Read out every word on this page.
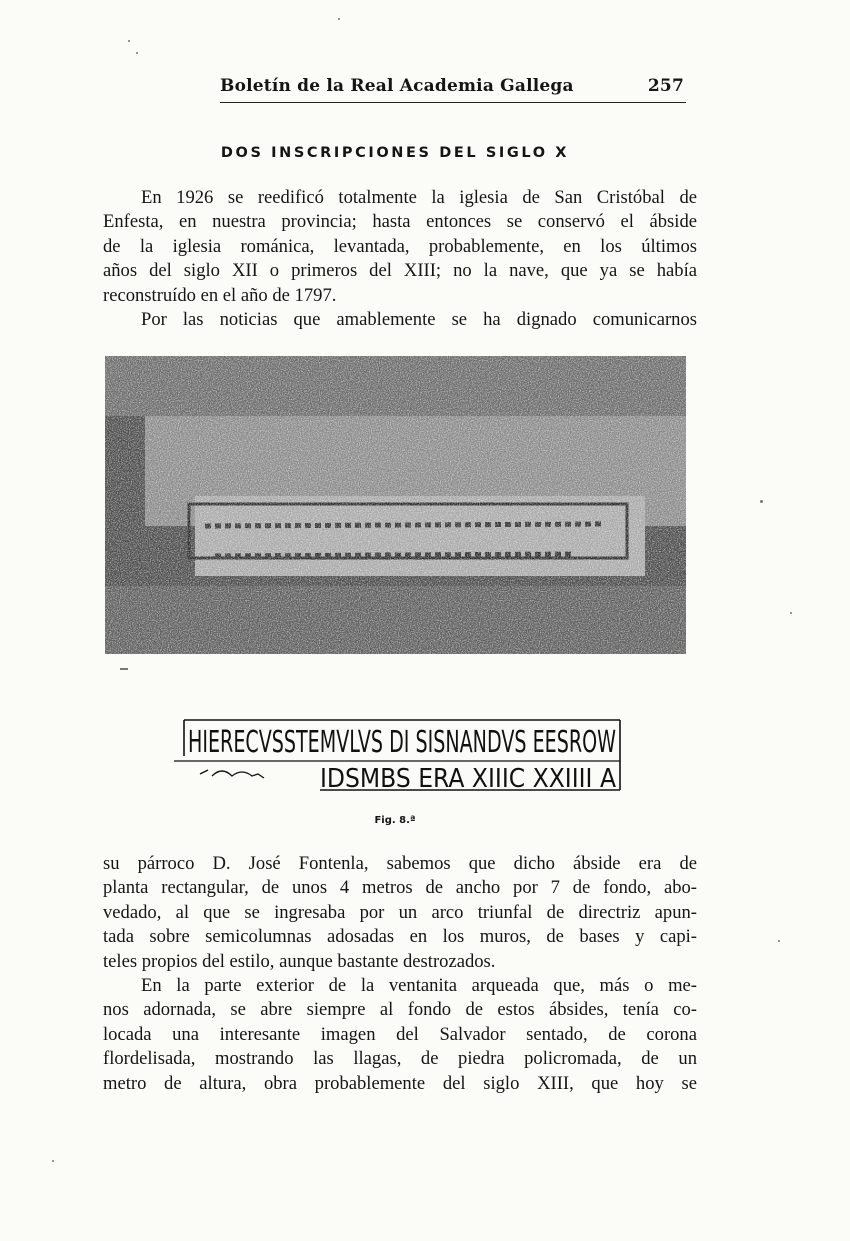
Boletín de la Real Academia Gallega	257
DOS INSCRIPCIONES DEL SIGLO X

En 1926 se reedificó totalmente la iglesia de San Cristóbal de
Enfesta, en nuestra provincia; hasta entonces se conservó el ábside
de la iglesia románica, levantada, probablemente, en los últimos
años del siglo XII o primeros del XIII; no la nave, que ya se había
reconstruído en el año de 1797.

Por las noticias que amablemente se ha dignado comunicarnos

HIERECVSSTEMVLVS DI SISNANDVS EESROW
IDSMBS ERA XIIIC XXIIII A
Fig. 8.ª

su párroco D. José Fontenla, sabemos que dicho ábside era de
planta rectangular, de unos 4 metros de ancho por 7 de fondo, abo-
vedado, al que se ingresaba por un arco triunfal de directriz apun-
tada sobre semicolumnas adosadas en los muros, de bases y capi-
teles propios del estilo, aunque bastante destrozados.

En la parte exterior de la ventanita arqueada que, más o me-
nos adornada, se abre siempre al fondo de estos ábsides, tenía co-
locada una interesante imagen del Salvador sentado, de corona
flordelisada, mostrando las llagas, de piedra policromada, de un
metro de altura, obra probablemente del siglo XIII, que hoy se
